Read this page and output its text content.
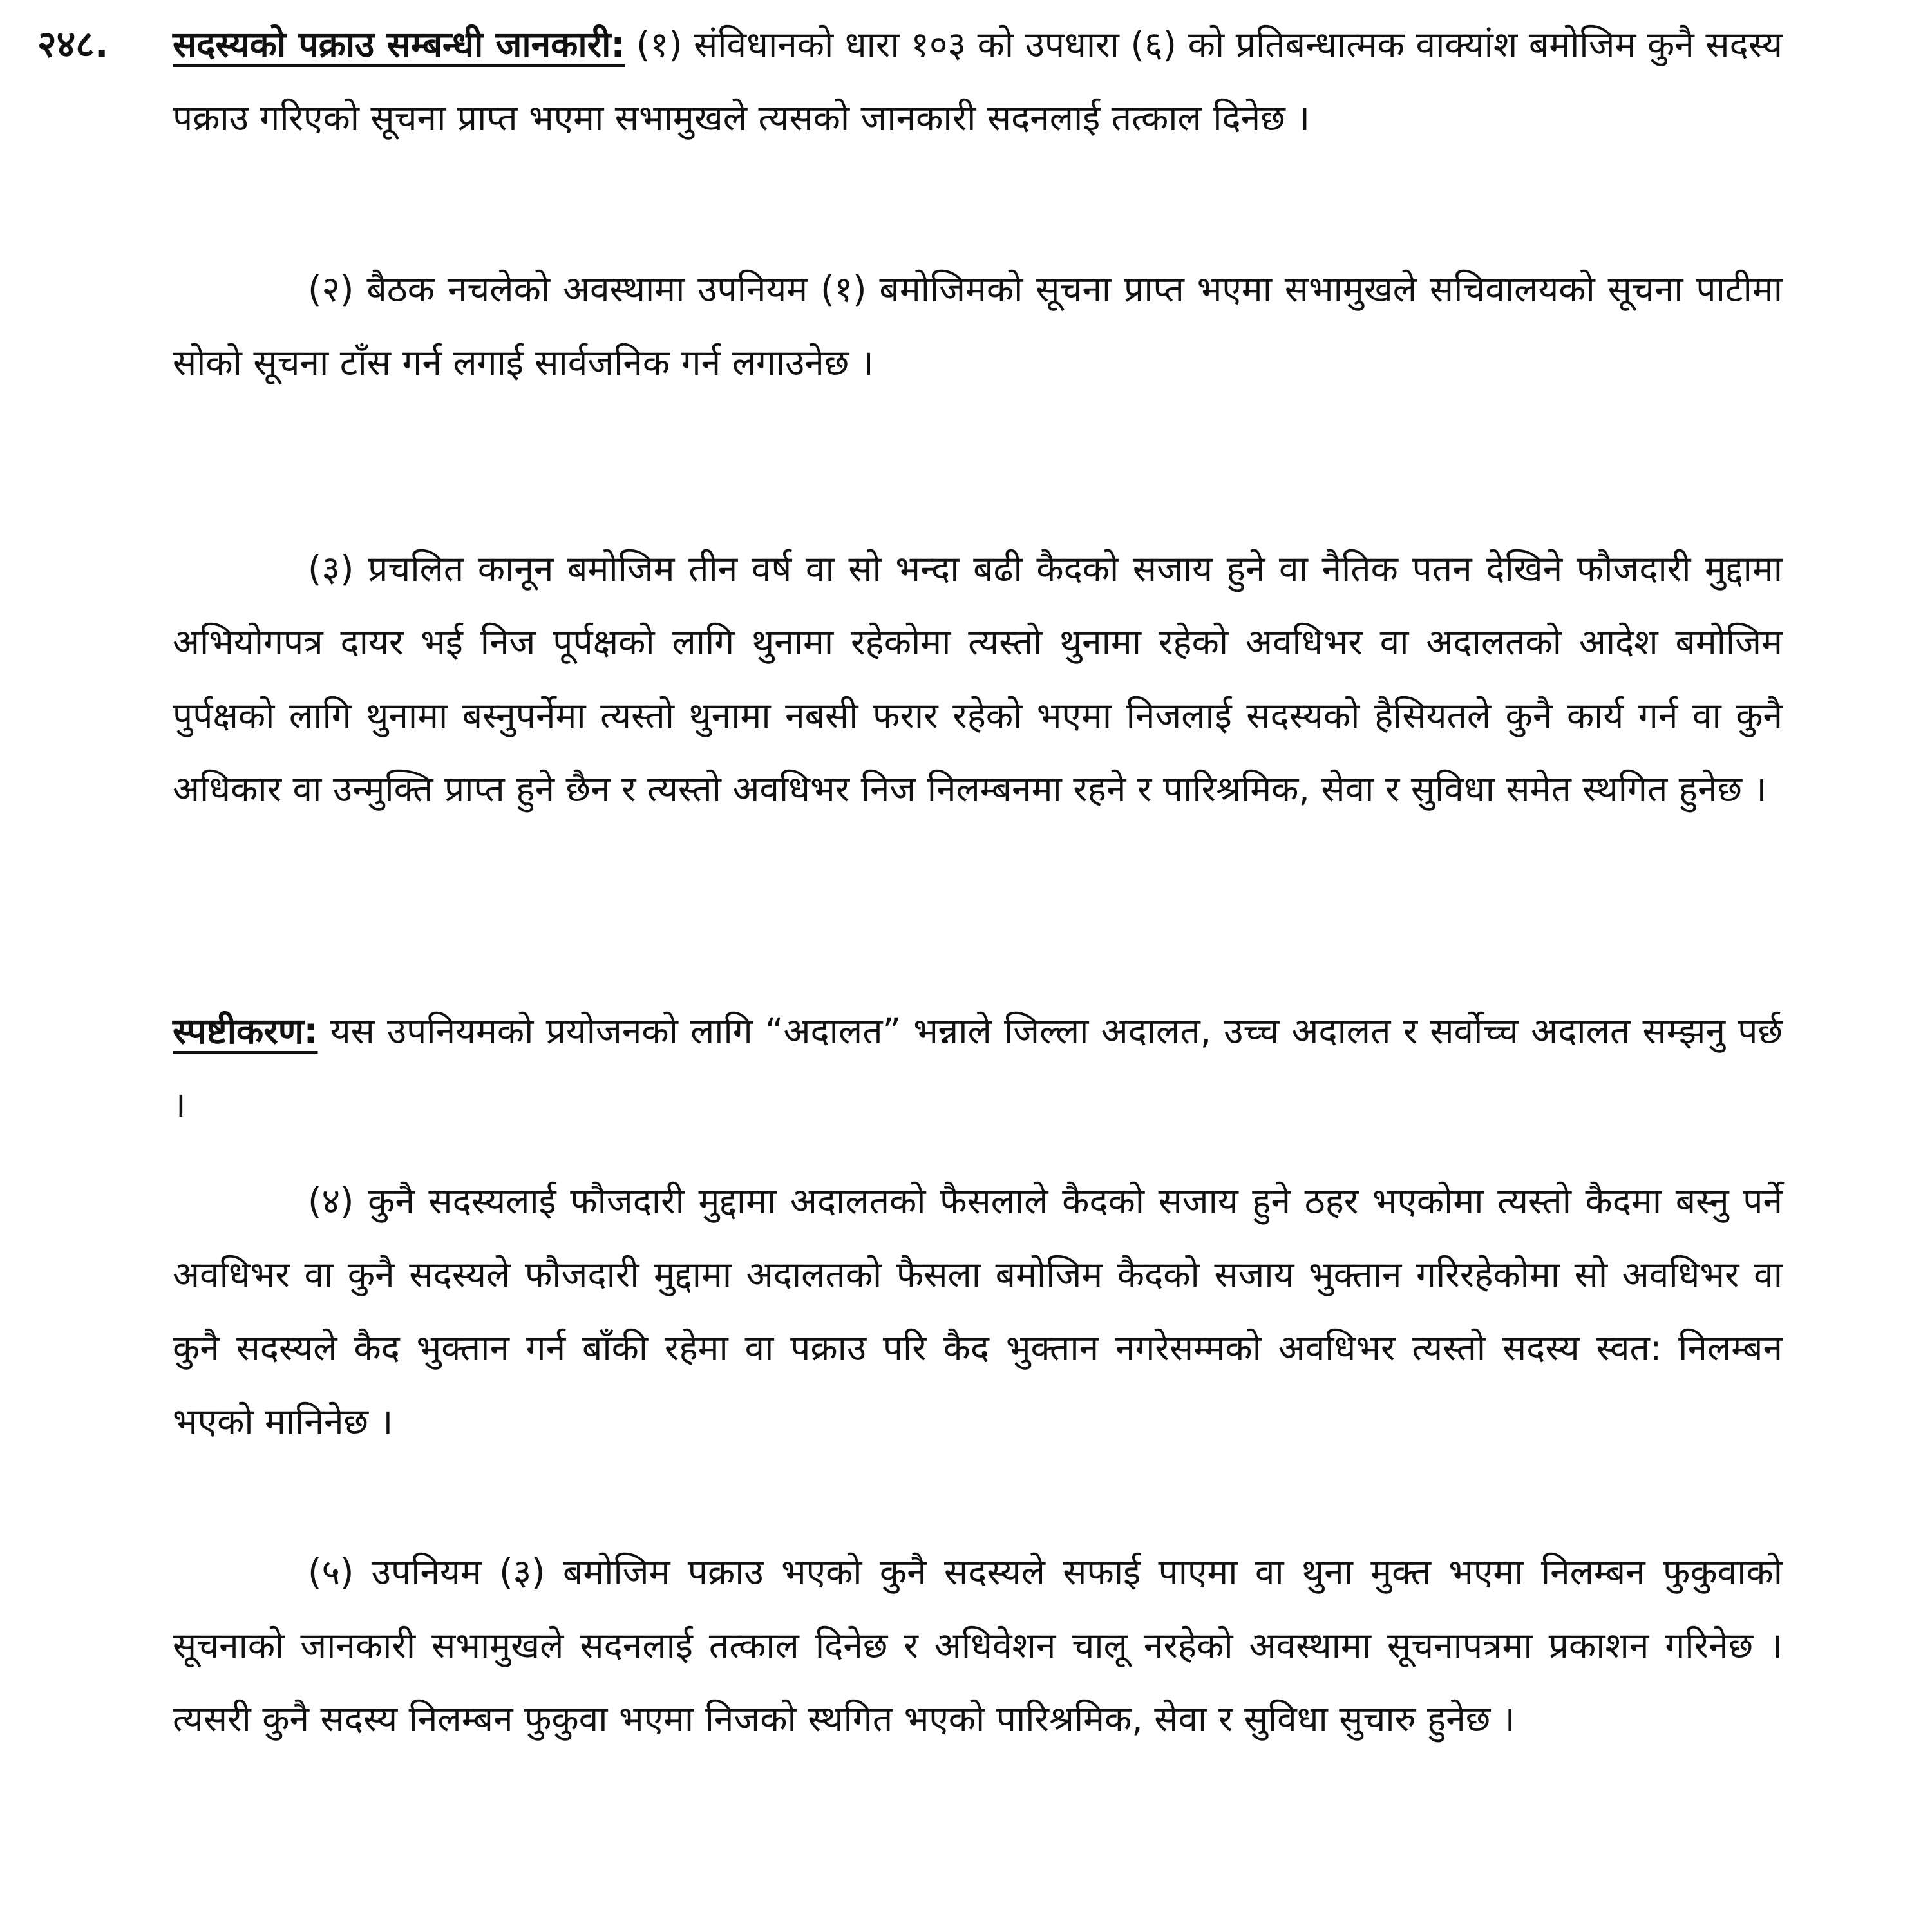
२४८. सदस्यको पक्राउ सम्बन्धी जानकारी: (१) संविधानको धारा १०३ को उपधारा (६) को प्रतिबन्धात्मक वाक्यांश बमोजिम कुनै सदस्य पक्राउ गरिएको सूचना प्राप्त भएमा सभामुखले त्यसको जानकारी सदनलाई तत्काल दिनेछ ।

(२) बैठक नचलेको अवस्थामा उपनियम (१) बमोजिमको सूचना प्राप्त भएमा सभामुखले सचिवालयको सूचना पाटीमा सोको सूचना टाँस गर्न लगाई सार्वजनिक गर्न लगाउनेछ ।

(३) प्रचलित कानून बमोजिम तीन वर्ष वा सो भन्दा बढी कैदको सजाय हुने वा नैतिक पतन देखिने फौजदारी मुद्दामा अभियोगपत्र दायर भई निज पूर्पक्षको लागि थुनामा रहेकोमा त्यस्तो थुनामा रहेको अवधिभर वा अदालतको आदेश बमोजिम पुर्पक्षको लागि थुनामा बस्नुपर्नेमा त्यस्तो थुनामा नबसी फरार रहेको भएमा निजलाई सदस्यको हैसियतले कुनै कार्य गर्न वा कुनै अधिकार वा उन्मुक्ति प्राप्त हुने छैन र त्यस्तो अवधिभर निज निलम्बनमा रहने र पारिश्रमिक, सेवा र सुविधा समेत स्थगित हुनेछ ।

स्पष्टीकरण: यस उपनियमको प्रयोजनको लागि “अदालत” भन्नाले जिल्ला अदालत, उच्च अदालत र सर्वोच्च अदालत सम्झनु पर्छ ।

(४) कुनै सदस्यलाई फौजदारी मुद्दामा अदालतको फैसलाले कैदको सजाय हुने ठहर भएकोमा त्यस्तो कैदमा बस्नु पर्ने अवधिभर वा कुनै सदस्यले फौजदारी मुद्दामा अदालतको फैसला बमोजिम कैदको सजाय भुक्तान गरिरहेकोमा सो अवधिभर वा कुनै सदस्यले कैद भुक्तान गर्न बाँकी रहेमा वा पक्राउ परि कैद भुक्तान नगरेसम्मको अवधिभर त्यस्तो सदस्य स्वत: निलम्बन भएको मानिनेछ ।

(५) उपनियम (३) बमोजिम पक्राउ भएको कुनै सदस्यले सफाई पाएमा वा थुना मुक्त भएमा निलम्बन फुकुवाको सूचनाको जानकारी सभामुखले सदनलाई तत्काल दिनेछ र अधिवेशन चालू नरहेको अवस्थामा सूचनापत्रमा प्रकाशन गरिनेछ । त्यसरी कुनै सदस्य निलम्बन फुकुवा भएमा निजको स्थगित भएको पारिश्रमिक, सेवा र सुविधा सुचारु हुनेछ ।
